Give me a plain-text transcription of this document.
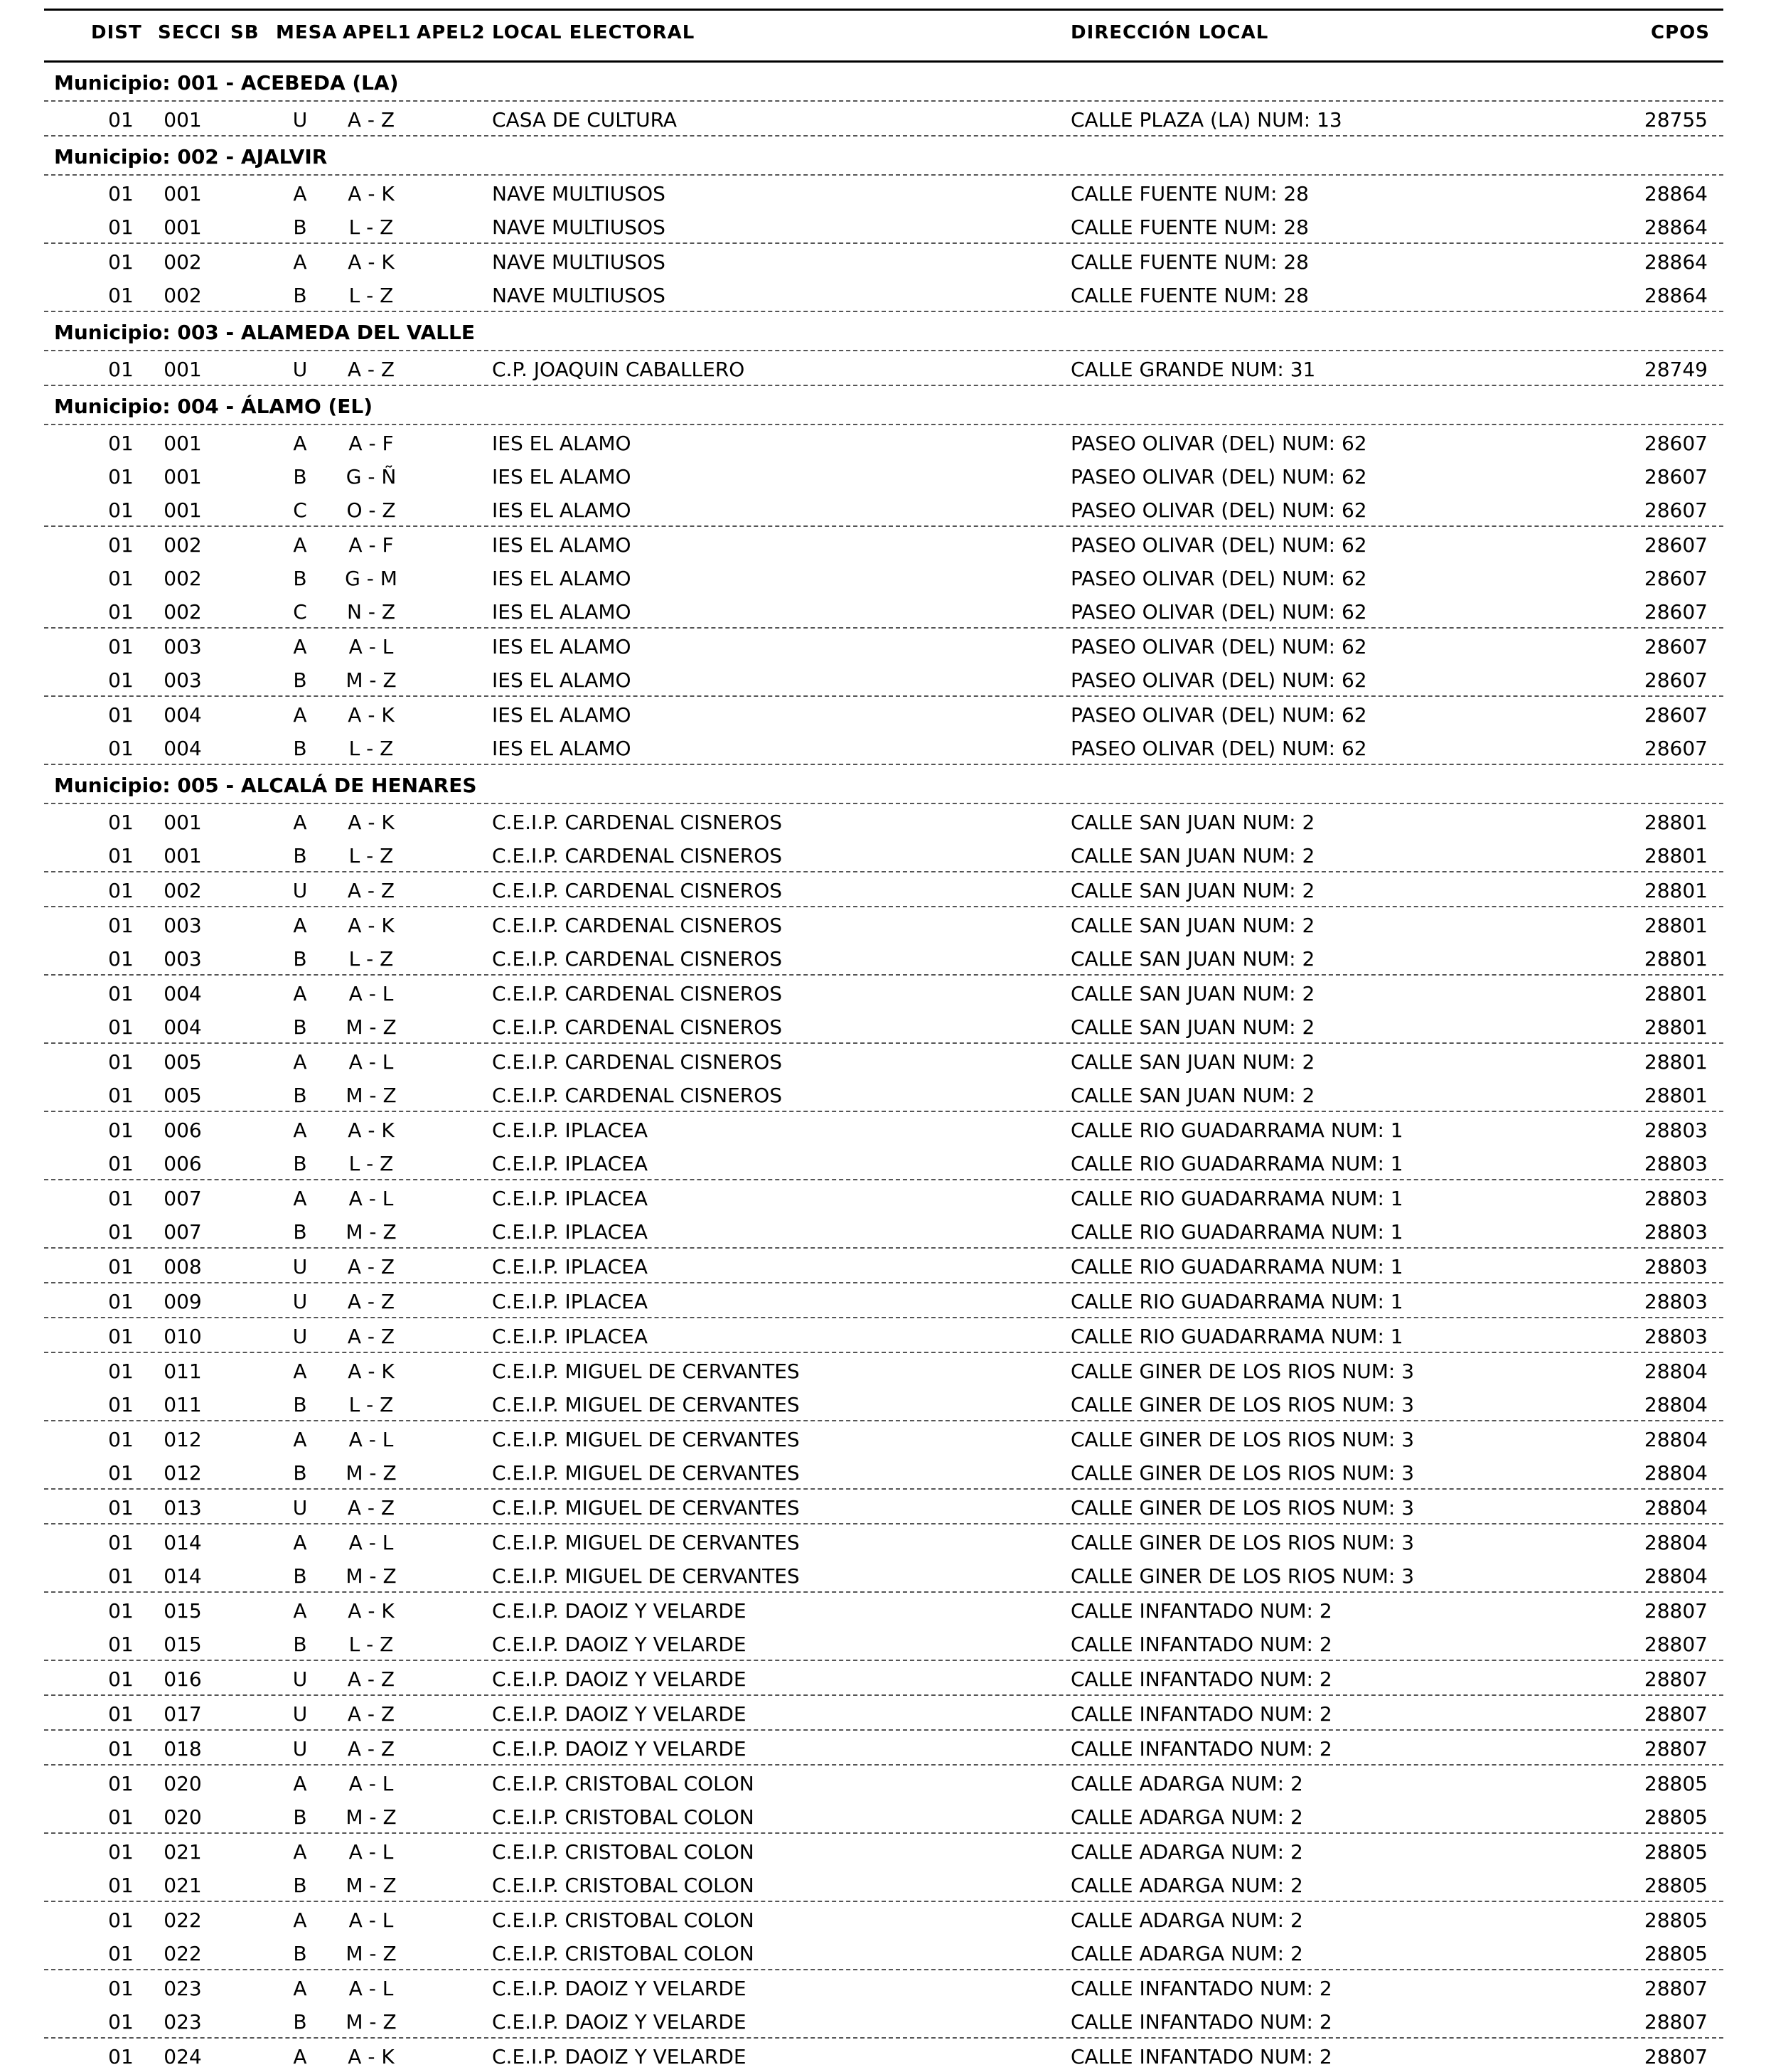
DIST SECCI SB MESA APEL1 APEL2 LOCAL ELECTORAL	DIRECCIÓN LOCAL	CPOS
Municipio: 001 - ACEBEDA (LA)
01	001	U	A - Z	CASA DE CULTURA	CALLE PLAZA (LA) NUM: 13	28755
Municipio: 002 - AJALVIR
01	001	A	A - K	NAVE MULTIUSOS	CALLE FUENTE NUM: 28	28864
01	001	B	L - Z	NAVE MULTIUSOS	CALLE FUENTE NUM: 28	28864
01	002	A	A - K	NAVE MULTIUSOS	CALLE FUENTE NUM: 28	28864
01	002	B	L - Z	NAVE MULTIUSOS	CALLE FUENTE NUM: 28	28864
Municipio: 003 - ALAMEDA DEL VALLE
01	001	U	A - Z	C.P. JOAQUIN CABALLERO	CALLE GRANDE NUM: 31	28749
Municipio: 004 - ÁLAMO (EL)
01	001	A	A - F	IES EL ALAMO	PASEO OLIVAR (DEL) NUM: 62	28607
01	001	B	G - Ñ	IES EL ALAMO	PASEO OLIVAR (DEL) NUM: 62	28607
01	001	C	O - Z	IES EL ALAMO	PASEO OLIVAR (DEL) NUM: 62	28607
01	002	A	A - F	IES EL ALAMO	PASEO OLIVAR (DEL) NUM: 62	28607
01	002	B	G - M	IES EL ALAMO	PASEO OLIVAR (DEL) NUM: 62	28607
01	002	C	N - Z	IES EL ALAMO	PASEO OLIVAR (DEL) NUM: 62	28607
01	003	A	A - L	IES EL ALAMO	PASEO OLIVAR (DEL) NUM: 62	28607
01	003	B	M - Z	IES EL ALAMO	PASEO OLIVAR (DEL) NUM: 62	28607
01	004	A	A - K	IES EL ALAMO	PASEO OLIVAR (DEL) NUM: 62	28607
01	004	B	L - Z	IES EL ALAMO	PASEO OLIVAR (DEL) NUM: 62	28607
Municipio: 005 - ALCALÁ DE HENARES
01	001	A	A - K	C.E.I.P. CARDENAL CISNEROS	CALLE SAN JUAN NUM: 2	28801
01	001	B	L - Z	C.E.I.P. CARDENAL CISNEROS	CALLE SAN JUAN NUM: 2	28801
01	002	U	A - Z	C.E.I.P. CARDENAL CISNEROS	CALLE SAN JUAN NUM: 2	28801
01	003	A	A - K	C.E.I.P. CARDENAL CISNEROS	CALLE SAN JUAN NUM: 2	28801
01	003	B	L - Z	C.E.I.P. CARDENAL CISNEROS	CALLE SAN JUAN NUM: 2	28801
01	004	A	A - L	C.E.I.P. CARDENAL CISNEROS	CALLE SAN JUAN NUM: 2	28801
01	004	B	M - Z	C.E.I.P. CARDENAL CISNEROS	CALLE SAN JUAN NUM: 2	28801
01	005	A	A - L	C.E.I.P. CARDENAL CISNEROS	CALLE SAN JUAN NUM: 2	28801
01	005	B	M - Z	C.E.I.P. CARDENAL CISNEROS	CALLE SAN JUAN NUM: 2	28801
01	006	A	A - K	C.E.I.P. IPLACEA	CALLE RIO GUADARRAMA NUM: 1	28803
01	006	B	L - Z	C.E.I.P. IPLACEA	CALLE RIO GUADARRAMA NUM: 1	28803
01	007	A	A - L	C.E.I.P. IPLACEA	CALLE RIO GUADARRAMA NUM: 1	28803
01	007	B	M - Z	C.E.I.P. IPLACEA	CALLE RIO GUADARRAMA NUM: 1	28803
01	008	U	A - Z	C.E.I.P. IPLACEA	CALLE RIO GUADARRAMA NUM: 1	28803
01	009	U	A - Z	C.E.I.P. IPLACEA	CALLE RIO GUADARRAMA NUM: 1	28803
01	010	U	A - Z	C.E.I.P. IPLACEA	CALLE RIO GUADARRAMA NUM: 1	28803
01	011	A	A - K	C.E.I.P. MIGUEL DE CERVANTES	CALLE GINER DE LOS RIOS NUM: 3	28804
01	011	B	L - Z	C.E.I.P. MIGUEL DE CERVANTES	CALLE GINER DE LOS RIOS NUM: 3	28804
01	012	A	A - L	C.E.I.P. MIGUEL DE CERVANTES	CALLE GINER DE LOS RIOS NUM: 3	28804
01	012	B	M - Z	C.E.I.P. MIGUEL DE CERVANTES	CALLE GINER DE LOS RIOS NUM: 3	28804
01	013	U	A - Z	C.E.I.P. MIGUEL DE CERVANTES	CALLE GINER DE LOS RIOS NUM: 3	28804
01	014	A	A - L	C.E.I.P. MIGUEL DE CERVANTES	CALLE GINER DE LOS RIOS NUM: 3	28804
01	014	B	M - Z	C.E.I.P. MIGUEL DE CERVANTES	CALLE GINER DE LOS RIOS NUM: 3	28804
01	015	A	A - K	C.E.I.P. DAOIZ Y VELARDE	CALLE INFANTADO NUM: 2	28807
01	015	B	L - Z	C.E.I.P. DAOIZ Y VELARDE	CALLE INFANTADO NUM: 2	28807
01	016	U	A - Z	C.E.I.P. DAOIZ Y VELARDE	CALLE INFANTADO NUM: 2	28807
01	017	U	A - Z	C.E.I.P. DAOIZ Y VELARDE	CALLE INFANTADO NUM: 2	28807
01	018	U	A - Z	C.E.I.P. DAOIZ Y VELARDE	CALLE INFANTADO NUM: 2	28807
01	020	A	A - L	C.E.I.P. CRISTOBAL COLON	CALLE ADARGA NUM: 2	28805
01	020	B	M - Z	C.E.I.P. CRISTOBAL COLON	CALLE ADARGA NUM: 2	28805
01	021	A	A - L	C.E.I.P. CRISTOBAL COLON	CALLE ADARGA NUM: 2	28805
01	021	B	M - Z	C.E.I.P. CRISTOBAL COLON	CALLE ADARGA NUM: 2	28805
01	022	A	A - L	C.E.I.P. CRISTOBAL COLON	CALLE ADARGA NUM: 2	28805
01	022	B	M - Z	C.E.I.P. CRISTOBAL COLON	CALLE ADARGA NUM: 2	28805
01	023	A	A - L	C.E.I.P. DAOIZ Y VELARDE	CALLE INFANTADO NUM: 2	28807
01	023	B	M - Z	C.E.I.P. DAOIZ Y VELARDE	CALLE INFANTADO NUM: 2	28807
01	024	A	A - K	C.E.I.P. DAOIZ Y VELARDE	CALLE INFANTADO NUM: 2	28807
